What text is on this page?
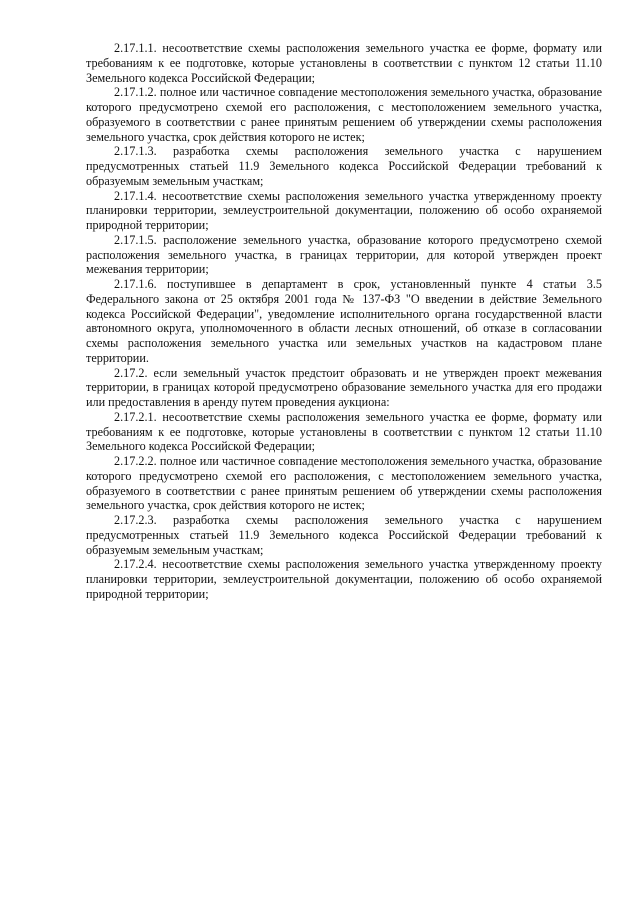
2.17.1.1. несоответствие схемы расположения земельного участка ее форме, формату или требованиям к ее подготовке, которые установлены в соответствии с пунктом 12 статьи 11.10 Земельного кодекса Российской Федерации;

2.17.1.2. полное или частичное совпадение местоположения земельного участка, образование которого предусмотрено схемой его расположения, с местоположением земельного участка, образуемого в соответствии с ранее принятым решением об утверждении схемы расположения земельного участка, срок действия которого не истек;

2.17.1.3. разработка схемы расположения земельного участка с нарушением предусмотренных статьей 11.9 Земельного кодекса Российской Федерации требований к образуемым земельным участкам;

2.17.1.4. несоответствие схемы расположения земельного участка утвержденному проекту планировки территории, землеустроительной документации, положению об особо охраняемой природной территории;

2.17.1.5. расположение земельного участка, образование которого предусмотрено схемой расположения земельного участка, в границах территории, для которой утвержден проект межевания территории;

2.17.1.6. поступившее в департамент в срок, установленный пункте 4 статьи 3.5 Федерального закона от 25 октября 2001 года № 137-ФЗ "О введении в действие Земельного кодекса Российской Федерации", уведомление исполнительного органа государственной власти автономного округа, уполномоченного в области лесных отношений, об отказе в согласовании схемы расположения земельного участка или земельных участков на кадастровом плане территории.

2.17.2. если земельный участок предстоит образовать и не утвержден проект межевания территории, в границах которой предусмотрено образование земельного участка для его продажи или предоставления в аренду путем проведения аукциона:

2.17.2.1. несоответствие схемы расположения земельного участка ее форме, формату или требованиям к ее подготовке, которые установлены в соответствии с пунктом 12 статьи 11.10 Земельного кодекса Российской Федерации;

2.17.2.2. полное или частичное совпадение местоположения земельного участка, образование которого предусмотрено схемой его расположения, с местоположением земельного участка, образуемого в соответствии с ранее принятым решением об утверждении схемы расположения земельного участка, срок действия которого не истек;

2.17.2.3. разработка схемы расположения земельного участка с нарушением предусмотренных статьей 11.9 Земельного кодекса Российской Федерации требований к образуемым земельным участкам;

2.17.2.4. несоответствие схемы расположения земельного участка утвержденному проекту планировки территории, землеустроительной документации, положению об особо охраняемой природной территории;
